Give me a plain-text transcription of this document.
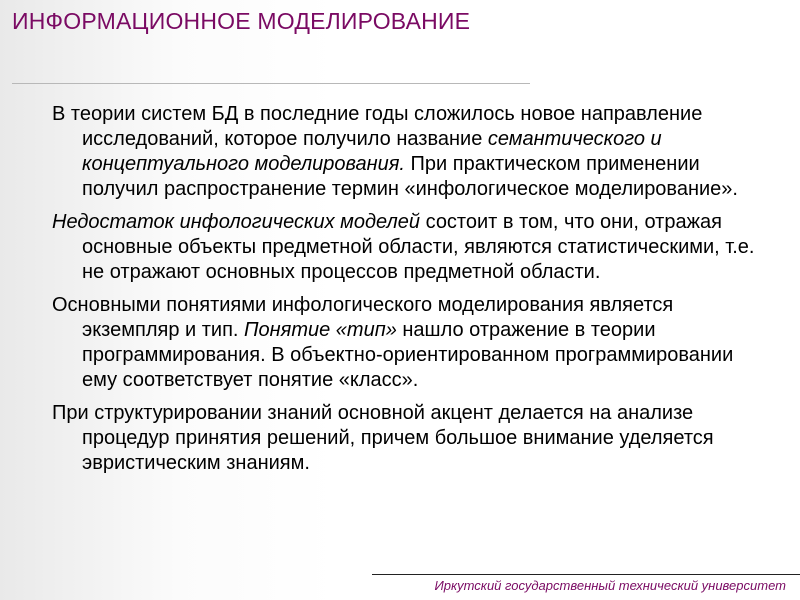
ИНФОРМАЦИОННОЕ МОДЕЛИРОВАНИЕ

В теории систем БД в последние годы сложилось новое направление исследований, которое получило название семантического и концептуального моделирования. При практическом применении получил распространение термин «инфологическое моделирование».

Недостаток инфологических моделей состоит в том, что они, отражая основные объекты предметной области, являются статистическими, т.е. не отражают основных процессов предметной области.

Основными понятиями инфологического моделирования является экземпляр и тип. Понятие «тип» нашло отражение в теории программирования. В объектно-ориентированном программировании ему соответствует понятие «класс».

При структурировании знаний основной акцент делается на анализе процедур принятия решений, причем большое внимание уделяется эвристическим знаниям.

Иркутский государственный технический университет
